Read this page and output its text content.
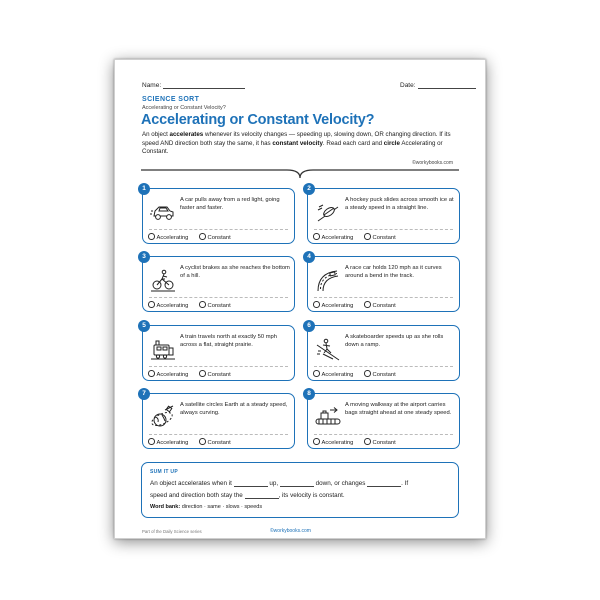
Name:	Date:
SCIENCE SORT
Accelerating or Constant Velocity?
Accelerating or Constant Velocity?
An object accelerates whenever its velocity changes — speeding up, slowing down, OR changing direction. If its speed AND direction both stay the same, it has constant velocity. Read each card and circle Accelerating or Constant.
©workybooks.com
1
A car pulls away from a red light, going faster and faster.
Accelerating	Constant
2
A hockey puck slides across smooth ice at a steady speed in a straight line.
Accelerating	Constant
3
A cyclist brakes as she reaches the bottom of a hill.
Accelerating	Constant
4
A race car holds 120 mph as it curves around a bend in the track.
Accelerating	Constant
5
A train travels north at exactly 50 mph across a flat, straight prairie.
Accelerating	Constant
6
A skateboarder speeds up as she rolls down a ramp.
Accelerating	Constant
7
A satellite circles Earth at a steady speed, always curving.
Accelerating	Constant
8
A moving walkway at the airport carries bags straight ahead at one steady speed.
Accelerating	Constant
SUM IT UP
An object accelerates when it	up,	down, or changes	. If
speed and direction both stay the	, its velocity is constant.
Word bank: direction · same · slows · speeds
Part of the Daily Science series	©workybooks.com
